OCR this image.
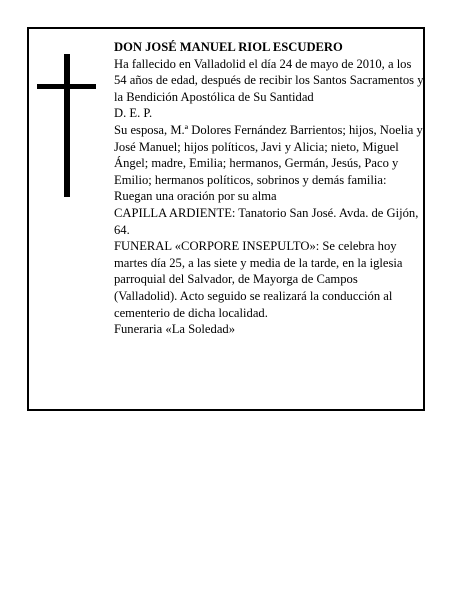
DON JOSÉ MANUEL RIOL ESCUDERO

Ha fallecido en Valladolid el día 24 de mayo de 2010, a los 54 años de edad, después de recibir los Santos Sacramentos y la Bendición Apostólica de Su Santidad

D. E. P.

Su esposa, M.ª Dolores Fernández Barrientos; hijos, Noelia y José Manuel; hijos políticos, Javi y Alicia; nieto, Miguel Ángel; madre, Emilia; hermanos, Germán, Jesús, Paco y Emilio; hermanos políticos, sobrinos y demás familia:

Ruegan una oración por su alma

CAPILLA ARDIENTE: Tanatorio San José. Avda. de Gijón, 64.

FUNERAL «CORPORE INSEPULTO»: Se celebra hoy martes día 25, a las siete y media de la tarde, en la iglesia parroquial del Salvador, de Mayorga de Campos (Valladolid). Acto seguido se realizará la conducción al cementerio de dicha localidad.

Funeraria «La Soledad»
